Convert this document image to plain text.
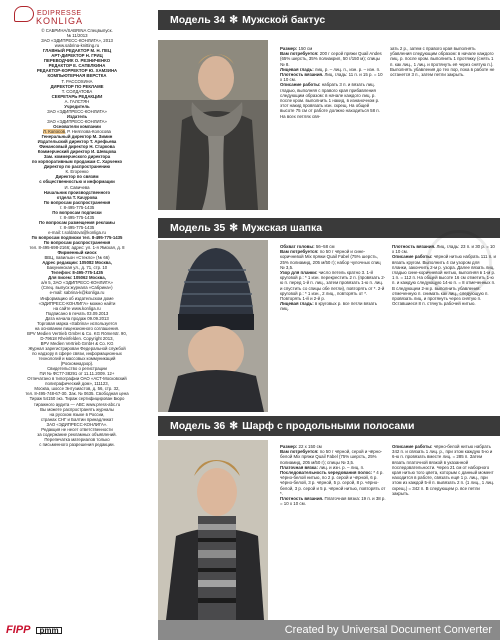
EDIPRESSE
KONLIGA

© САБРИНА/SABRINA Спецвыпуск.

№ 11/2013

ЗАО «ЭДИПРЕСС-КОНЛИГА», 2013

www.sabrina-knitting.ru

ГЛАВНЫЙ РЕДАКТОР М. Н. ПЕЦ

АРТ-ДИРЕКТОР Н. ГРИЦ

ПЕРЕВОДЧИК О. РЕЗНИЧЕНКО

РЕДАКТОР Е. САПЕЛКИНА

РЕДАКТОР-КОРРЕКТОР Ю. ХАМЗИНА

КОМПЬЮТЕРНАЯ ВЕРСТКА

Т. РАССОХИНА

ДИРЕКТОР ПО РЕКЛАМЕ

Т. СОЛДАТОВА

СЕКРЕТАРЬ РЕДАКЦИИ

А. ГАЛСТЯН

Учредитель

ЗАО «ЭДИПРЕСС-КОНЛИГА»

Издатель

ЗАО «ЭДИПРЕСС-КОНЛИГА»

Основатели компании

Л. Колосов, Р. Неяглова-Колосова

Генеральный директор М. Зимин

Издательский директор Т. Арефьева

Финансовый директор Н. Старкова

Коммерческий директор И. Шевцова

Зам. коммерческого директора

по корпоративным продажам С. Харченко

Директор по распространению

К. Егоренко

Директор по связям

с общественностью и информации

И. Савичева

Начальник производственного

отдела Т. Качурова

По вопросам распространения

т. 8-495-775-1435

По вопросам подписки

т. 8-495-775-1435

По вопросам размещения рекламы

т. 8-495-775-1435

e-mail: t.soldatova@konliga.ru

По вопросам подписки тел. 8-495-775-1435

По вопросам распространения

тел. 8-495-698-2166; адрес: ул. 1-я Ямская, д. 8

Фирменный киоск

ВВЦ, павильон «Стекло» (№ 66)

Адрес редакции: 105082 Москва,

Бакунинская ул., д. 71, стр. 10

Телефон: 8-495-775-1435

Для писем: 105062 Москва,

а/я 5, ЗАО «ЭДИПРЕСС-КОНЛИГА»

(Спец. выпуск журнала «Сабрина»)

e-mail: sabrina-k@konliga.ru

Информацию об издательском доме

«ЭДИПРЕСС-КОНЛИГА» можно найти

на сайте www.konliga.ru

Подписано в печать 03.09.2013

Дата начала продаж 09.09.2013

Торговая марка «Sabrina» используется

на основании лицензионного соглашения.

BPV Medien Vertrieb GmbH & Co. KG Römerstr. 90,

D-79618 Rheinfelden. Copyright 2013,

BPV Medien Vertrieb GmbH & Co. KG

Журнал зарегистрирован Федеральной службой

по надзору в сфере связи, информационных

технологий и массовых коммуникаций

(Роскомнадзор).

Свидетельство о регистрации

ПИ № ФС77-38291 от 11.11.2009. 12+

Отпечатано в типографии ОАО «АСТ-Московский

полиграфический дом», 111123,

Москва, шоссе Энтузиастов, д. 56, стр. 32,

тел. 8-495-748-67-30. Зак. № 0635. Свободная цена

Тираж 54150 экз. Тираж сертифицирован Бюро

тиражного аудита — ABC www.press-abc.ru

Вы можете распространять журналы

на русском языке в России,

странах СНГ и Балтии принадлежат

ЗАО «ЭДИПРЕСС-КОНЛИГА».

Редакция не несет ответственности

за содержание рекламных объявлений.

Перепечатка материалов только

с письменного разрешения редакции.

FIPP	pmm
Модель 34 ✻ Мужской бактус

Размер: 150 см

Вам потребуется: 200 г серой пряжи Quail Andes (65% шерсть, 35% полиакрил, 50 г/150 м); спицы № 8.

Лицевая гладь: лиц. р. – лиц. п., изн. р. – изн. п.

Плотность вязания. Лиц. гладь: 11 п. и 15 р. = 10 х 10 см.

Описание работы: набрать 3 п. и вязать лиц. гладью, выполняя с правого края прибавления следующим образом: в начале каждого лиц. р. после кром. выполнить 1 накид, в изнаночном р. этот накид провязать изн. скрещ. На общей высоте 75 см от работе должно находиться 58 п. На всех петлях свя-

зать 2 р., затем с правого края выполнять убавления следующим образом: в начале каждого лиц. р. после кром. выполнить 1 протяжку (снять 1 п. как лиц., 1 лиц. и протянуть её через снятую п.). Выполнять убавления до тех пор, пока в работе не останется 3 п., затем петли закрыть.

Модель 35 ✻ Мужская шапка

Обхват головы: 56–58 см

Вам потребуется: по 50 г чёрной и сине-коричневой Mix пряжи Quail Fabel (75% шерсть, 25% полиамид, 205 м/50 г); набор чулочных спиц № 3,5.

Узор для планки: число петель кратно 3. 1-й круговой р.: * 1 изн. перекрестить 2 п. (провязать 2-ю п. перед 1-й п. лиц., затем провязать 1-ю п. лиц. и спустить со спицы обе петли), повторять от *. 2-й круговой р.: * 1 изн., 2 лиц., повторять от *. Повторять 1-й и 2-й р.

Лицевая гладь: в круговых р. все петли вязать лиц.

Плотность вязания. Лиц. гладь: 23 п. и 30 р. = 10 х 10 см.

Описание работы: чёрной нитью набрать 111 п. и вязать кругом. Выполнить 4 см узором для планки, закончить 2-м р. узора. Далее вязать лиц. гладью сине-коричневой нитью, выполняя в 1-м р. 1 п. = 112 п. На общей высоте 16 см отметить 1-ю п. и каждую следующую 14-ю п. = 8 отмеченных п. В следующем 2-м р. выполнить убавления: отмеченную п. снимать как лиц., следующую п. провязать лиц. и протянуть через снятую п. Оставшиеся 8 п. стянуть рабочей нитью.

Модель 36 ✻ Шарф с продольными полосами

Размер: 22 х 150 см

Вам потребуется: по 50 г чёрной, серой и чёрно-белой Mix пряжи Quail Fabel (75% шерсть, 25% полиамид, 205 м/50 г); спицы № 3,5.

Платочная вязка: лиц. и изн. р. – лиц. п.

Последовательность чередования полос: * 4 р. чёрно-белой нитью, по 2 р. серой и чёрной, 6 р. чёрно-белой, 3 р. чёрной, 5 р. серой, 8 р. чёрно-белой, 3 р. серой и 5 р. чёрной нитью, повторять от *.

Плотность вязания. Платочная вязка: 19 п. и 38 р. = 10 х 10 см.

Описание работы: чёрно-белой нитью набрать 342 п. и связать 1 лиц. р., при этом каждую 5-ю и 6-ю п. провязать вместе лиц. = 285 п. Затем вязать платочной вязкой в указанной последовательности. Через 21 см от наборного края нитью того цвета, которым с данный момент находится в работе, связать ещё 1 р. лиц., при этом из каждой 5-й п. вывязать 2 п. (1 лиц., 1 лиц. скрещ.) = 342 п. В следующем р. все петли закрыть.

Created by Universal Document Converter
